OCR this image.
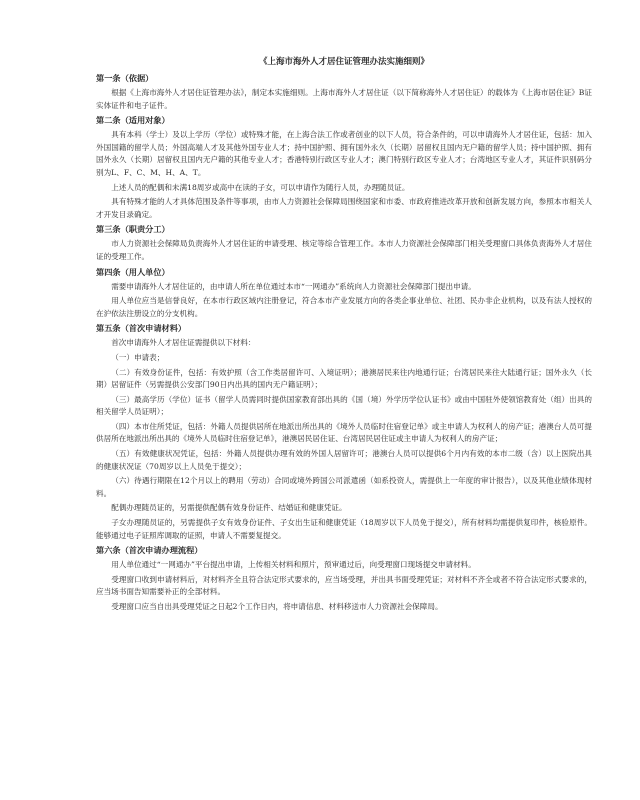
《上海市海外人才居住证管理办法实施细则》
第一条（依据）

根据《上海市海外人才居住证管理办法》，制定本实施细则。上海市海外人才居住证（以下简称海外人才居住证）的载体为《上海市居住证》B证实体证件和电子证件。

第二条（适用对象）

具有本科（学士）及以上学历（学位）或特殊才能，在上海合法工作或者创业的以下人员，符合条件的，可以申请海外人才居住证，包括：加入外国国籍的留学人员；外国高端人才及其他外国专业人才；持中国护照、拥有国外永久（长期）居留权且国内无户籍的留学人员；持中国护照、拥有国外永久（长期）居留权且国内无户籍的其他专业人才；香港特别行政区专业人才；澳门特别行政区专业人才；台湾地区专业人才，其证件识别码分别为L、F、C、M、H、A、T。

上述人员的配偶和未满18周岁或高中在读的子女，可以申请作为随行人员，办理随员证。

具有特殊才能的人才具体范围及条件等事项，由市人力资源社会保障局围绕国家和市委、市政府推进改革开放和创新发展方向，参照本市相关人才开发目录确定。

第三条（职责分工）

市人力资源社会保障局负责海外人才居住证的申请受理、核定等综合管理工作。本市人力资源社会保障部门相关受理窗口具体负责海外人才居住证的受理工作。

第四条（用人单位）

需要申请海外人才居住证的，由申请人所在单位通过本市“一网通办”系统向人力资源社会保障部门提出申请。

用人单位应当是信誉良好，在本市行政区域内注册登记，符合本市产业发展方向的各类企事业单位、社团、民办非企业机构，以及有法人授权的在沪依法注册设立的分支机构。

第五条（首次申请材料）

首次申请海外人才居住证需提供以下材料：

（一）申请表；

（二）有效身份证件，包括：有效护照（含工作类居留许可、入境证明）；港澳居民来往内地通行证；台湾居民来往大陆通行证；国外永久（长期）居留证件（另需提供公安部门90日内出具的国内无户籍证明）；

（三）最高学历（学位）证书（留学人员需同时提供国家教育部出具的《国（境）外学历学位认证书》或由中国驻外使领馆教育处（组）出具的相关留学人员证明）；

（四）本市住所凭证，包括：外籍人员提供居所在地派出所出具的《境外人员临时住宿登记单》或主申请人为权利人的房产证；港澳台人员可提供居所在地派出所出具的《境外人员临时住宿登记单》，港澳居民居住证、台湾居民居住证或主申请人为权利人的房产证；

（五）有效健康状况凭证，包括：外籍人员提供办理有效的外国人居留许可；港澳台人员可以提供6个月内有效的本市二级（含）以上医院出具的健康状况证（70周岁以上人员免于提交）；

（六）待遇行期限在12个月以上的聘用（劳动）合同或境外跨国公司派遣函（如系投资人，需提供上一年度的审计报告），以及其他业绩体现材料。

配偶办理随员证的，另需提供配偶有效身份证件、结婚证和健康凭证。

子女办理随员证的，另需提供子女有效身份证件、子女出生证和健康凭证（18周岁以下人员免于提交），所有材料均需提供复印件，核验原件。能够通过电子证照库调取的证照，申请人不需要复提交。

第六条（首次申请办理流程）

用人单位通过“一网通办”平台提出申请，上传相关材料和照片，预审通过后，向受理窗口现场提交申请材料。

受理窗口收到申请材料后，对材料齐全且符合法定形式要求的，应当场受理，并出具书面受理凭证；对材料不齐全或者不符合法定形式要求的，应当场书面告知需要补正的全部材料。

受理窗口应当自出具受理凭证之日起2个工作日内，将申请信息、材料移送市人力资源社会保障局。
